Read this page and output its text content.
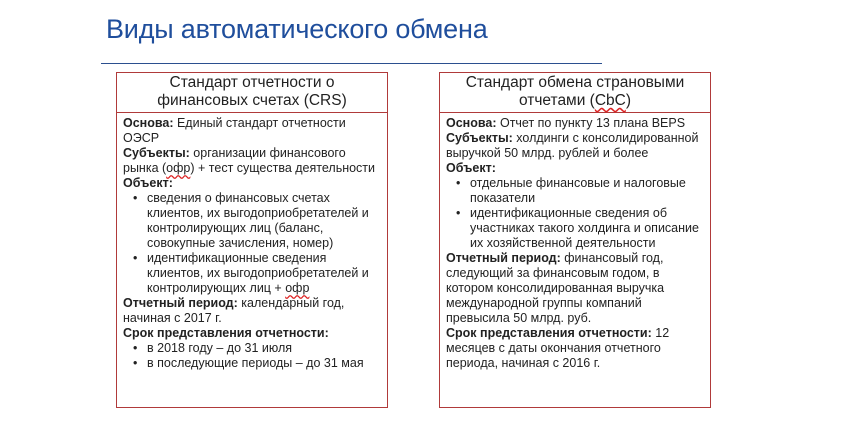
Виды автоматического обмена
Стандарт отчетности о
финансовых счетах (CRS)

Основа: Единый стандарт отчетности ОЭСР

Субъекты: организации финансового рынка (офр) + тест существа деятельности

Объект:

• сведения о финансовых счетах клиентов, их выгодоприобретателей и контролирующих лиц (баланс, совокупные зачисления, номер)
• идентификационные сведения клиентов, их выгодоприобретателей и контролирующих лиц + офр

Отчетный период: календарный год, начиная с 2017 г.

Срок представления отчетности:

• в 2018 году – до 31 июля
• в последующие периоды – до 31 мая
Стандарт обмена страновыми
отчетами (CbC)

Основа: Отчет по пункту 13 плана BEPS

Субъекты: холдинги с консолидированной выручкой 50 млрд. рублей и более

Объект:

• отдельные финансовые и налоговые показатели
• идентификационные сведения об участниках такого холдинга и описание их хозяйственной деятельности

Отчетный период: финансовый год, следующий за финансовым годом, в котором консолидированная выручка международной группы компаний превысила 50 млрд. руб.

Срок представления отчетности: 12 месяцев с даты окончания отчетного периода, начиная с 2016 г.
